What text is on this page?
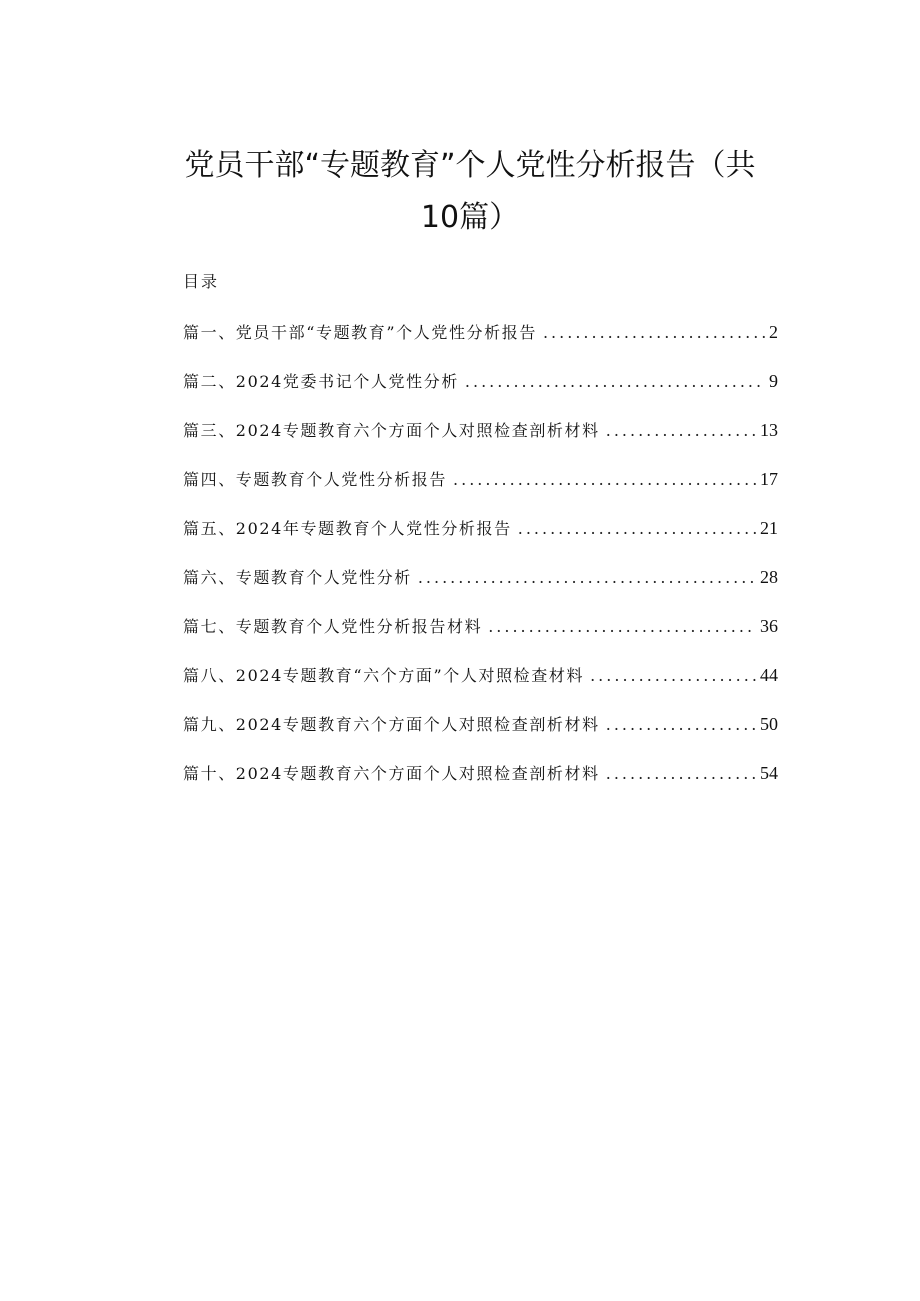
党员干部“专题教育”个人党性分析报告（共
10篇）
目录
篇一、党员干部“专题教育”个人党性分析报告 .....	2
篇二、2024党委书记个人党性分析 .....	9
篇三、2024专题教育六个方面个人对照检查剖析材料 .....	13
篇四、专题教育个人党性分析报告 .....	17
篇五、2024年专题教育个人党性分析报告 .....	21
篇六、专题教育个人党性分析 .....	28
篇七、专题教育个人党性分析报告材料 .....	36
篇八、2024专题教育“六个方面”个人对照检查材料 .....	44
篇九、2024专题教育六个方面个人对照检查剖析材料 .....	50
篇十、2024专题教育六个方面个人对照检查剖析材料 .....	54
